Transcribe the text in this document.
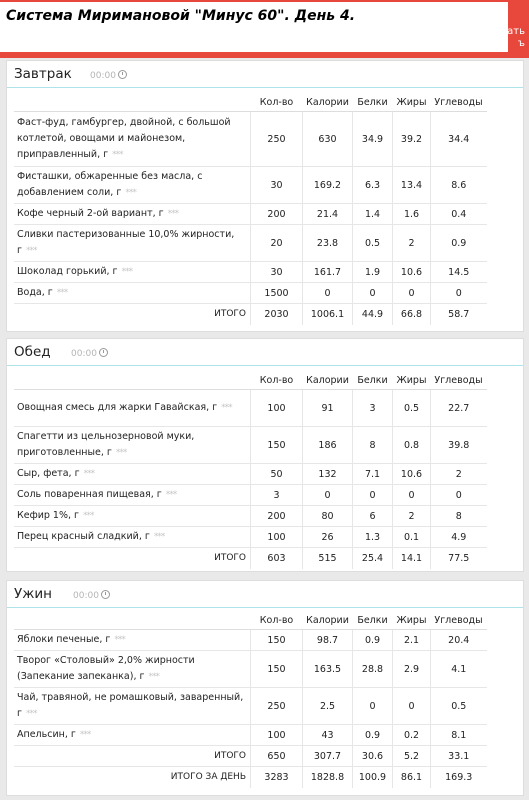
Система Миримановой "Минус 60". День 4.
ать
ъ
Завтрак 00:00
	Кол-во	Калории	Белки	Жиры	Углеводы
Фаст-фуд, гамбургер, двойной, с большой котлетой, овощами и майонезом, приправленный, г ***	250	630	34.9	39.2	34.4
Фисташки, обжаренные без масла, с добавлением соли, г ***	30	169.2	6.3	13.4	8.6
Кофе черный 2-ой вариант, г ***	200	21.4	1.4	1.6	0.4
Сливки пастеризованные 10,0% жирности, г ***	20	23.8	0.5	2	0.9
Шоколад горький, г ***	30	161.7	1.9	10.6	14.5
Вода, г ***	1500	0	0	0	0
ИТОГО	2030	1006.1	44.9	66.8	58.7
Обед 00:00
	Кол-во	Калории	Белки	Жиры	Углеводы
Овощная смесь для жарки Гавайская, г ***	100	91	3	0.5	22.7
Спагетти из цельнозерновой муки, приготовленные, г ***	150	186	8	0.8	39.8
Сыр, фета, г ***	50	132	7.1	10.6	2
Соль поваренная пищевая, г ***	3	0	0	0	0
Кефир 1%, г ***	200	80	6	2	8
Перец красный сладкий, г ***	100	26	1.3	0.1	4.9
ИТОГО	603	515	25.4	14.1	77.5
Ужин 00:00
	Кол-во	Калории	Белки	Жиры	Углеводы
Яблоки печеные, г ***	150	98.7	0.9	2.1	20.4
Творог «Столовый» 2,0% жирности (Запекание запеканка), г ***	150	163.5	28.8	2.9	4.1
Чай, травяной, не ромашковый, заваренный, г ***	250	2.5	0	0	0.5
Апельсин, г ***	100	43	0.9	0.2	8.1
ИТОГО	650	307.7	30.6	5.2	33.1
ИТОГО ЗА ДЕНЬ	3283	1828.8	100.9	86.1	169.3
